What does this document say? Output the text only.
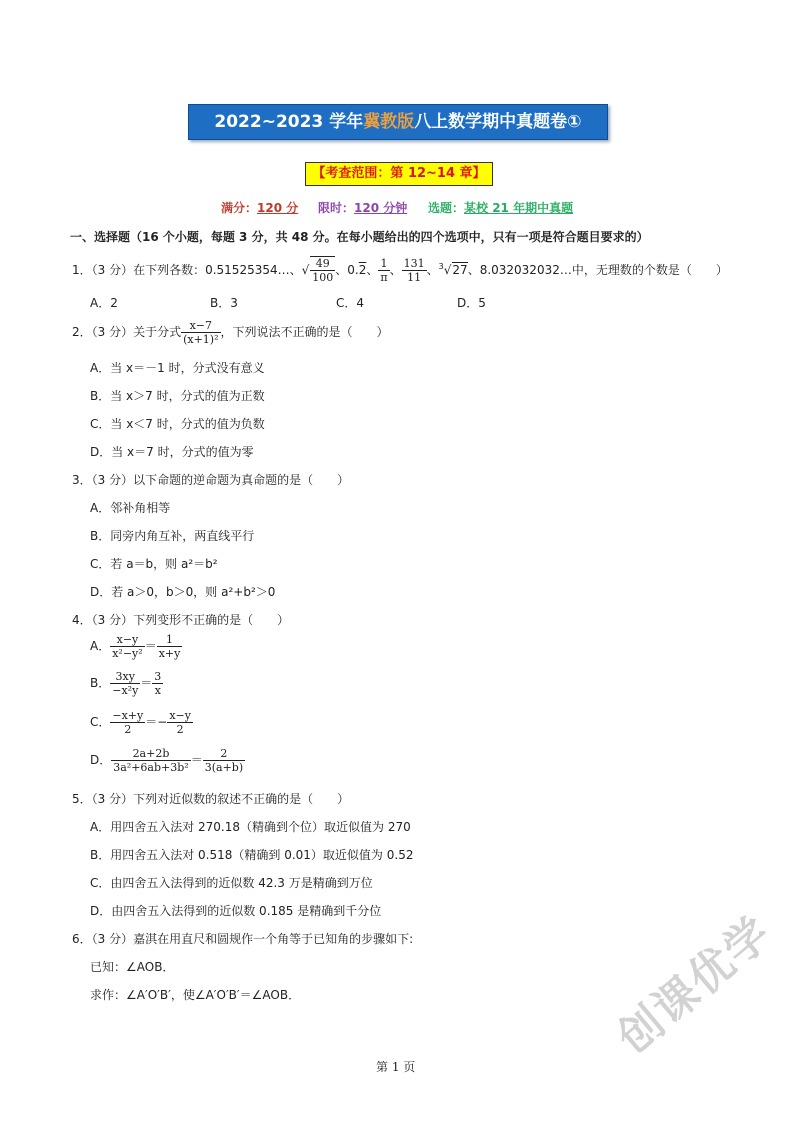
2022~2023 学年冀教版八上数学期中真题卷①
【考查范围：第 12~14 章】
满分：120 分 限时：120 分钟 选题：某校 21 年期中真题
一、选择题（16 个小题，每题 3 分，共 48 分。在每小题给出的四个选项中，只有一项是符合题目要求的）
1．（3 分）在下列各数：0.51525354…、√ $\frac{49}{100}$ 、0.2、 $\frac{1}{\pi}$ 、 $\frac{131}{11}$ 、$^3$√27、8.032032032…中，无理数的个数是（　　）
A．2	B．3	C．4	D．5
2．（3 分）关于分式 $\frac{x-7}{\text{(x+1)²}}$ ，下列说法不正确的是（　　）
A．当 x＝－1 时，分式没有意义
B．当 x＞7 时，分式的值为正数
C．当 x＜7 时，分式的值为负数
D．当 x＝7 时，分式的值为零
3．（3 分）以下命题的逆命题为真命题的是（　　）
A．邻补角相等
B．同旁内角互补，两直线平行
C．若 a＝b，则 a²＝b²
D．若 a＞0，b＞0，则 a²+b²＞0
4．（3 分）下列变形不正确的是（　　）
A． $\frac{x-y}{\text{x²−y²}} = \frac{1}{x+y}$
B． $\frac{3xy}{\text{−x²y}} = \frac{3}{x}$
C． $\frac{-x+y}{2} =- \frac{x-y}{2}$
D． $\frac{2a+2b}{\text{3a²+6ab+3b²}} = \frac{2}{3(a+b)}$
5．（3 分）下列对近似数的叙述不正确的是（　　）
A．用四舍五入法对 270.18（精确到个位）取近似值为 270
B．用四舍五入法对 0.518（精确到 0.01）取近似值为 0.52
C．由四舍五入法得到的近似数 42.3 万是精确到万位
D．由四舍五入法得到的近似数 0.185 是精确到千分位
6．（3 分）嘉淇在用直尺和圆规作一个角等于已知角的步骤如下:
已知：∠AOB．
求作：∠A′O′B′，使∠A′O′B′＝∠AOB．	创课优学
第 1 页
